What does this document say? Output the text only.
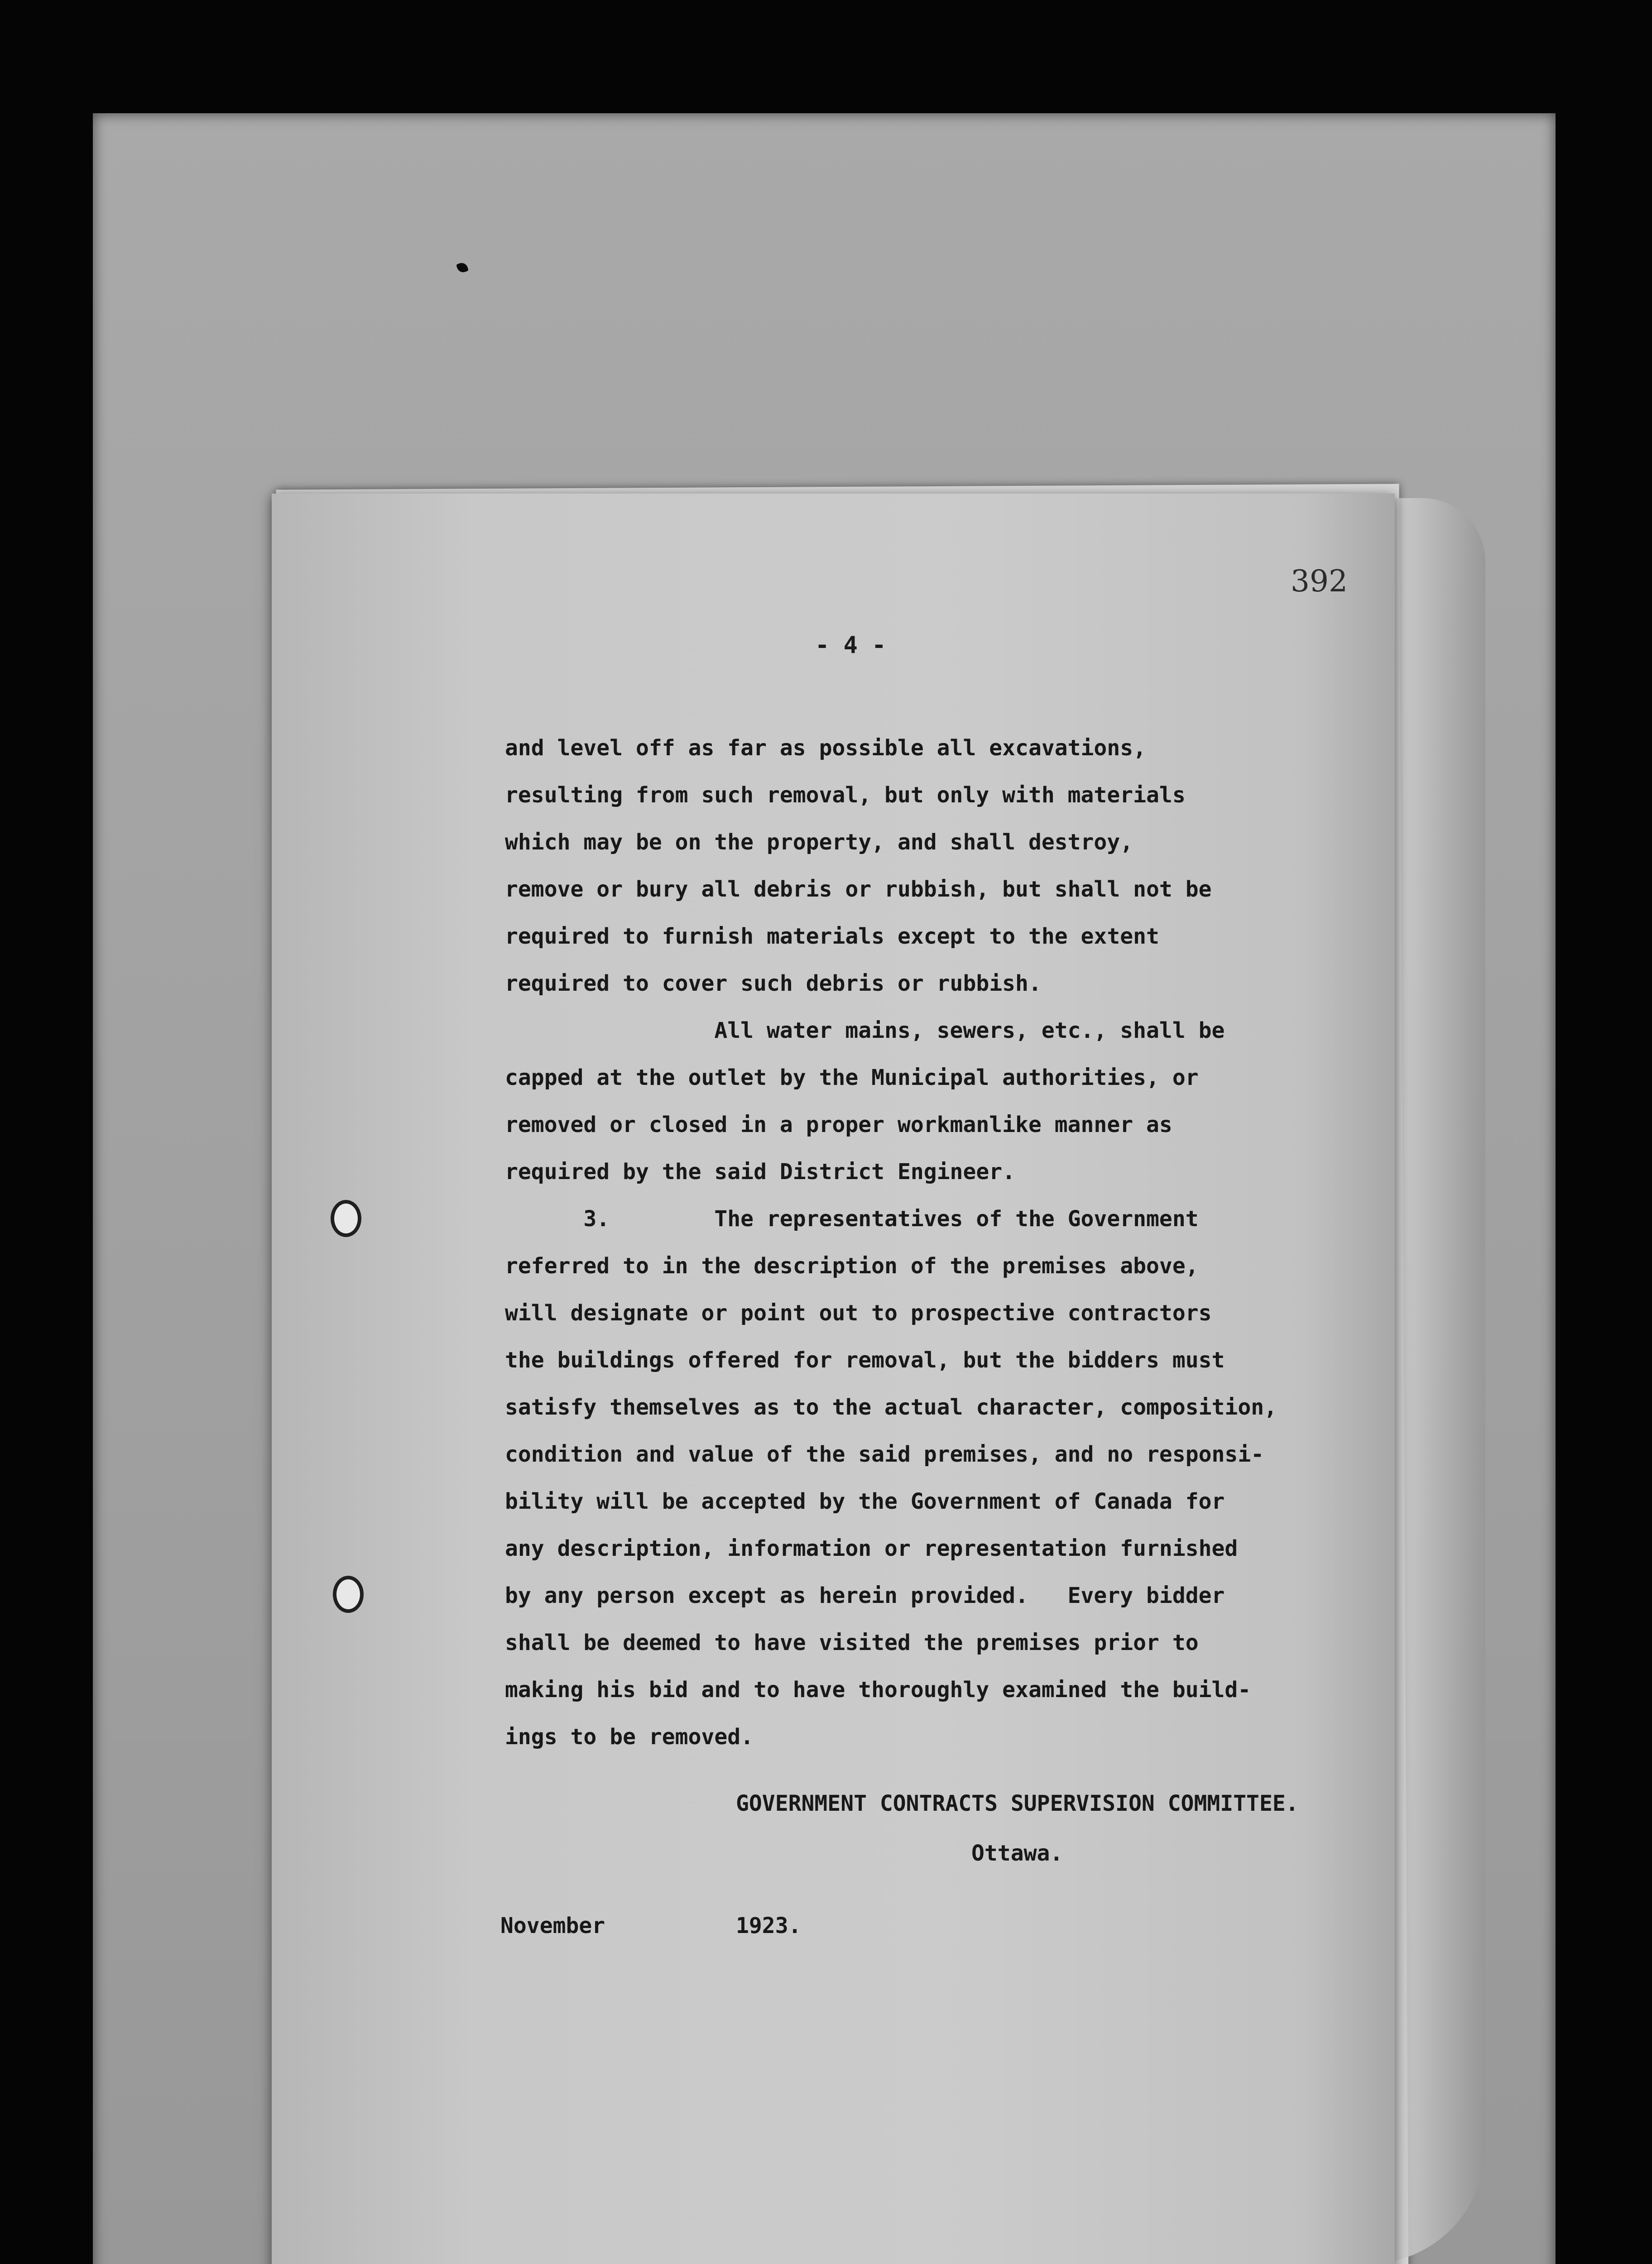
392
- 4 -
and level off as far as possible all excavations,
resulting from such removal, but only with materials
which may be on the property, and shall destroy,
remove or bury all debris or rubbish, but shall not be
required to furnish materials except to the extent
required to cover such debris or rubbish.
All water mains, sewers, etc., shall be
capped at the outlet by the Municipal authorities, or
removed or closed in a proper workmanlike manner as
required by the said District Engineer.
3.        The representatives of the Government
referred to in the description of the premises above,
will designate or point out to prospective contractors
the buildings offered for removal, but the bidders must
satisfy themselves as to the actual character, composition,
condition and value of the said premises, and no responsi-
bility will be accepted by the Government of Canada for
any description, information or representation furnished
by any person except as herein provided.   Every bidder
shall be deemed to have visited the premises prior to
making his bid and to have thoroughly examined the build-
ings to be removed.
GOVERNMENT CONTRACTS SUPERVISION COMMITTEE.
Ottawa.
November	1923.
